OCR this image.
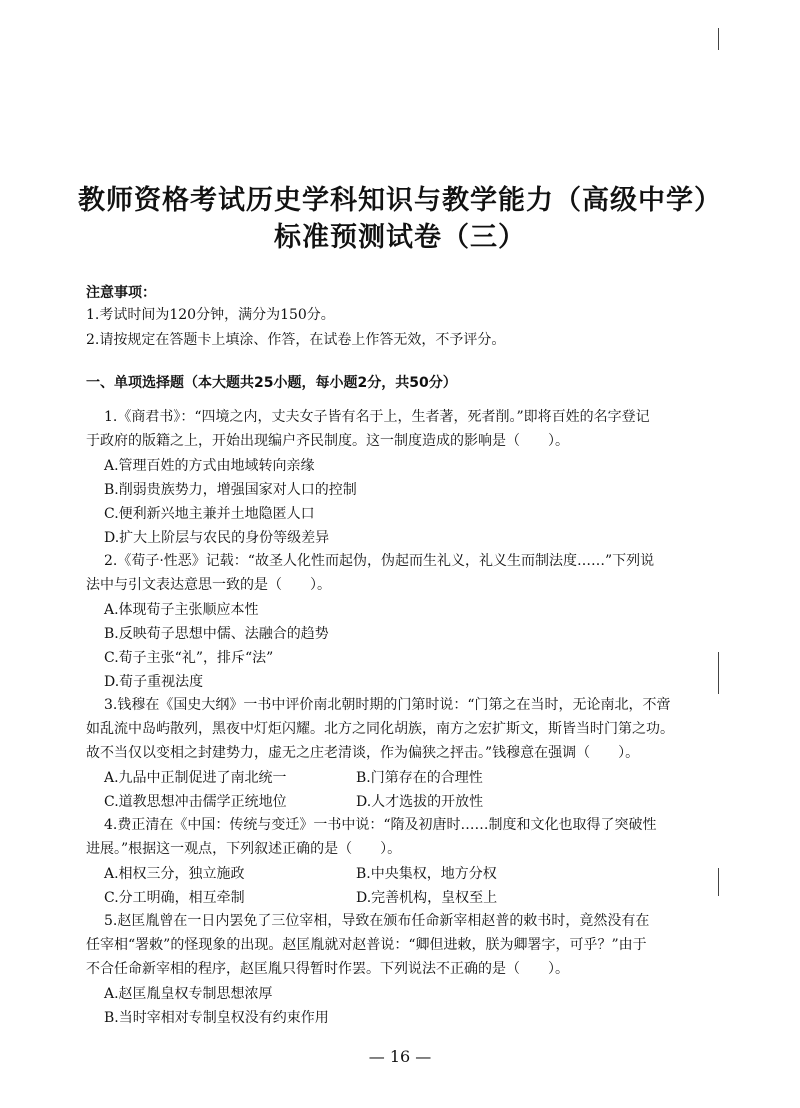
教师资格考试历史学科知识与教学能力（高级中学）
标准预测试卷（三）
注意事项：
1.考试时间为120分钟，满分为150分。
2.请按规定在答题卡上填涂、作答，在试卷上作答无效，不予评分。
一、单项选择题（本大题共25小题，每小题2分，共50分）
1.《商君书》：“四境之内，丈夫女子皆有名于上，生者著，死者削。”即将百姓的名字登记
于政府的版籍之上，开始出现编户齐民制度。这一制度造成的影响是（　　）。
A.管理百姓的方式由地域转向亲缘
B.削弱贵族势力，增强国家对人口的控制
C.便利新兴地主兼并土地隐匿人口
D.扩大上阶层与农民的身份等级差异
2.《荀子·性恶》记载：“故圣人化性而起伪，伪起而生礼义，礼义生而制法度……”下列说
法中与引文表达意思一致的是（　　）。
A.体现荀子主张顺应本性
B.反映荀子思想中儒、法融合的趋势
C.荀子主张“礼”，排斥“法”
D.荀子重视法度
3.钱穆在《国史大纲》一书中评价南北朝时期的门第时说：“门第之在当时，无论南北，不啻
如乱流中岛屿散列，黑夜中灯炬闪耀。北方之同化胡族，南方之宏扩斯文，斯皆当时门第之功。
故不当仅以变相之封建势力，虚无之庄老清谈，作为偏狭之抨击。”钱穆意在强调（　　）。
A.九品中正制促进了南北统一	B.门第存在的合理性
C.道教思想冲击儒学正统地位	D.人才选拔的开放性
4.费正清在《中国：传统与变迁》一书中说：“隋及初唐时……制度和文化也取得了突破性
进展。”根据这一观点，下列叙述正确的是（　　）。
A.相权三分，独立施政	B.中央集权，地方分权
C.分工明确，相互牵制	D.完善机构，皇权至上
5.赵匡胤曾在一日内罢免了三位宰相，导致在颁布任命新宰相赵普的敕书时，竟然没有在
任宰相“署敕”的怪现象的出现。赵匡胤就对赵普说：“卿但进敕，朕为卿署字，可乎？”由于
不合任命新宰相的程序，赵匡胤只得暂时作罢。下列说法不正确的是（　　）。
A.赵匡胤皇权专制思想浓厚
B.当时宰相对专制皇权没有约束作用
— 16 —
